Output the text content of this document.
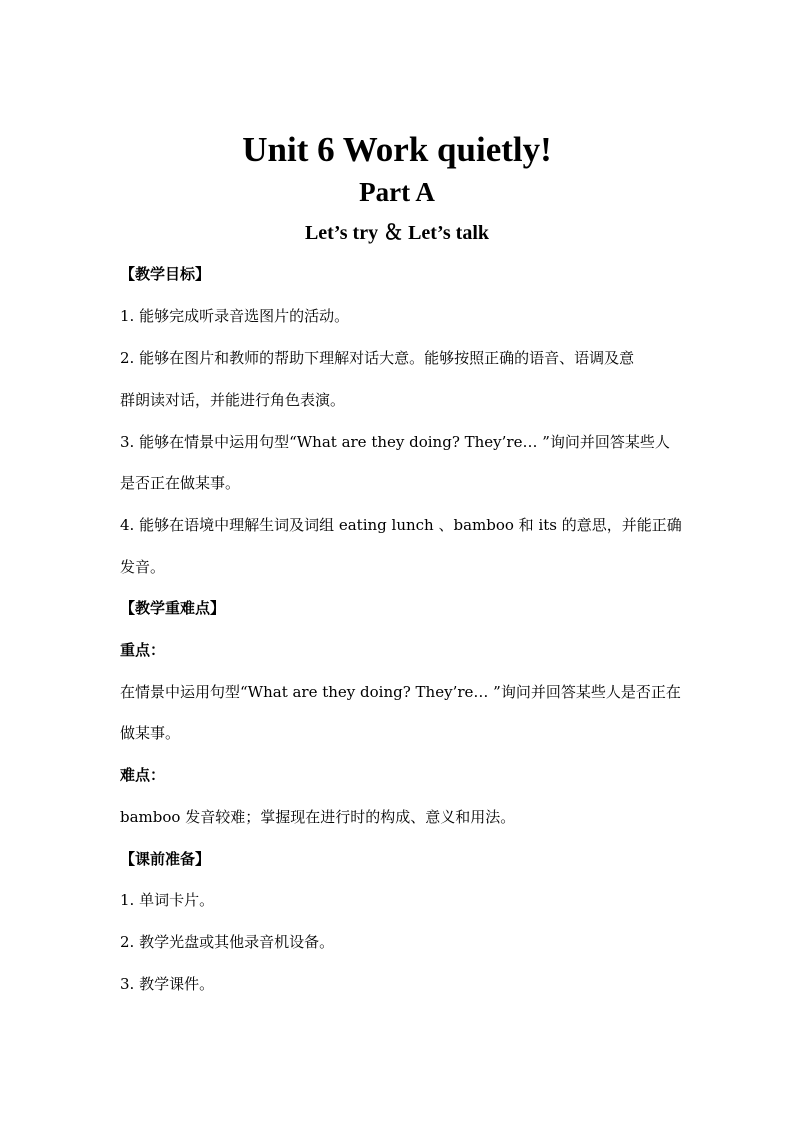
Unit 6 Work quietly!
Part A
Let’s try ＆ Let’s talk
【教学目标】
1. 能够完成听录音选图片的活动。
2. 能够在图片和教师的帮助下理解对话大意。能够按照正确的语音、语调及意
群朗读对话，并能进行角色表演。
3. 能够在情景中运用句型“What are they doing? They’re… ”询问并回答某些人
是否正在做某事。
4. 能够在语境中理解生词及词组 eating lunch 、bamboo 和 its 的意思，并能正确
发音。
【教学重难点】
重点：
在情景中运用句型“What are they doing? They’re… ”询问并回答某些人是否正在
做某事。
难点：
bamboo 发音较难；掌握现在进行时的构成、意义和用法。
【课前准备】
1. 单词卡片。
2. 教学光盘或其他录音机设备。
3. 教学课件。
